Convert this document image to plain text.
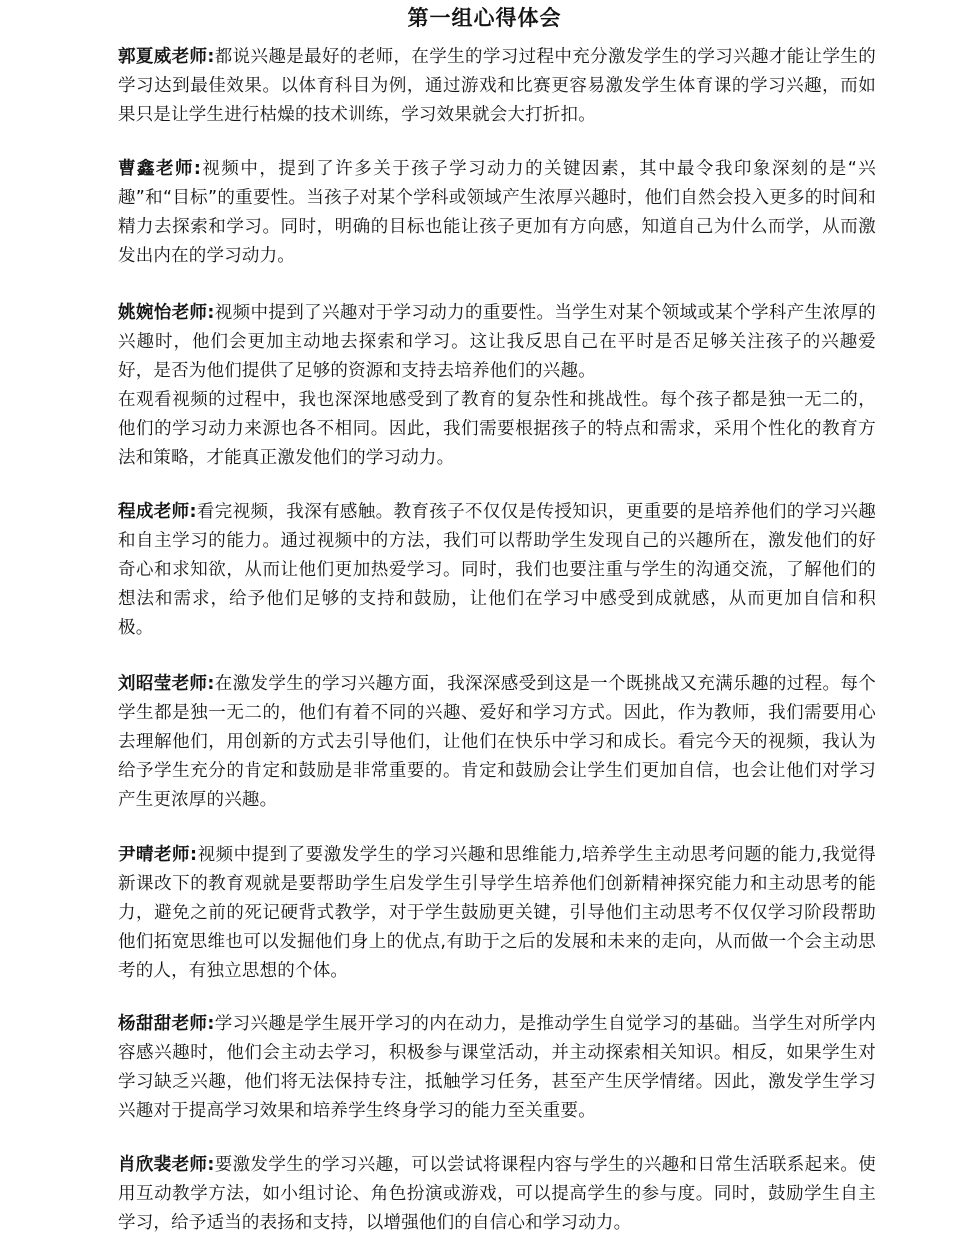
第一组心得体会

郭夏威老师:都说兴趣是最好的老师，在学生的学习过程中充分激发学生的学习兴趣才能让学生的学习达到最佳效果。以体育科目为例，通过游戏和比赛更容易激发学生体育课的学习兴趣，而如果只是让学生进行枯燥的技术训练，学习效果就会大打折扣。

曹鑫老师:视频中，提到了许多关于孩子学习动力的关键因素，其中最令我印象深刻的是“兴趣”和“目标”的重要性。当孩子对某个学科或领域产生浓厚兴趣时，他们自然会投入更多的时间和精力去探索和学习。同时，明确的目标也能让孩子更加有方向感，知道自己为什么而学，从而激发出内在的学习动力。

姚婉怡老师:视频中提到了兴趣对于学习动力的重要性。当学生对某个领域或某个学科产生浓厚的兴趣时，他们会更加主动地去探索和学习。这让我反思自己在平时是否足够关注孩子的兴趣爱好，是否为他们提供了足够的资源和支持去培养他们的兴趣。

在观看视频的过程中，我也深深地感受到了教育的复杂性和挑战性。每个孩子都是独一无二的，他们的学习动力来源也各不相同。因此，我们需要根据孩子的特点和需求，采用个性化的教育方法和策略，才能真正激发他们的学习动力。

程成老师:看完视频，我深有感触。教育孩子不仅仅是传授知识，更重要的是培养他们的学习兴趣和自主学习的能力。通过视频中的方法，我们可以帮助学生发现自己的兴趣所在，激发他们的好奇心和求知欲，从而让他们更加热爱学习。同时，我们也要注重与学生的沟通交流，了解他们的想法和需求，给予他们足够的支持和鼓励，让他们在学习中感受到成就感，从而更加自信和积极。

刘昭莹老师:在激发学生的学习兴趣方面，我深深感受到这是一个既挑战又充满乐趣的过程。每个学生都是独一无二的，他们有着不同的兴趣、爱好和学习方式。因此，作为教师，我们需要用心去理解他们，用创新的方式去引导他们，让他们在快乐中学习和成长。看完今天的视频，我认为给予学生充分的肯定和鼓励是非常重要的。肯定和鼓励会让学生们更加自信，也会让他们对学习产生更浓厚的兴趣。

尹晴老师:视频中提到了要激发学生的学习兴趣和思维能力,培养学生主动思考问题的能力,我觉得新课改下的教育观就是要帮助学生启发学生引导学生培养他们创新精神探究能力和主动思考的能力，避免之前的死记硬背式教学，对于学生鼓励更关键，引导他们主动思考不仅仅学习阶段帮助他们拓宽思维也可以发掘他们身上的优点,有助于之后的发展和未来的走向，从而做一个会主动思考的人，有独立思想的个体。

杨甜甜老师:学习兴趣是学生展开学习的内在动力，是推动学生自觉学习的基础。当学生对所学内容感兴趣时，他们会主动去学习，积极参与课堂活动，并主动探索相关知识。相反，如果学生对学习缺乏兴趣，他们将无法保持专注，抵触学习任务，甚至产生厌学情绪。因此，激发学生学习兴趣对于提高学习效果和培养学生终身学习的能力至关重要。

肖欣裴老师:要激发学生的学习兴趣，可以尝试将课程内容与学生的兴趣和日常生活联系起来。使用互动教学方法，如小组讨论、角色扮演或游戏，可以提高学生的参与度。同时，鼓励学生自主学习，给予适当的表扬和支持，以增强他们的自信心和学习动力。
